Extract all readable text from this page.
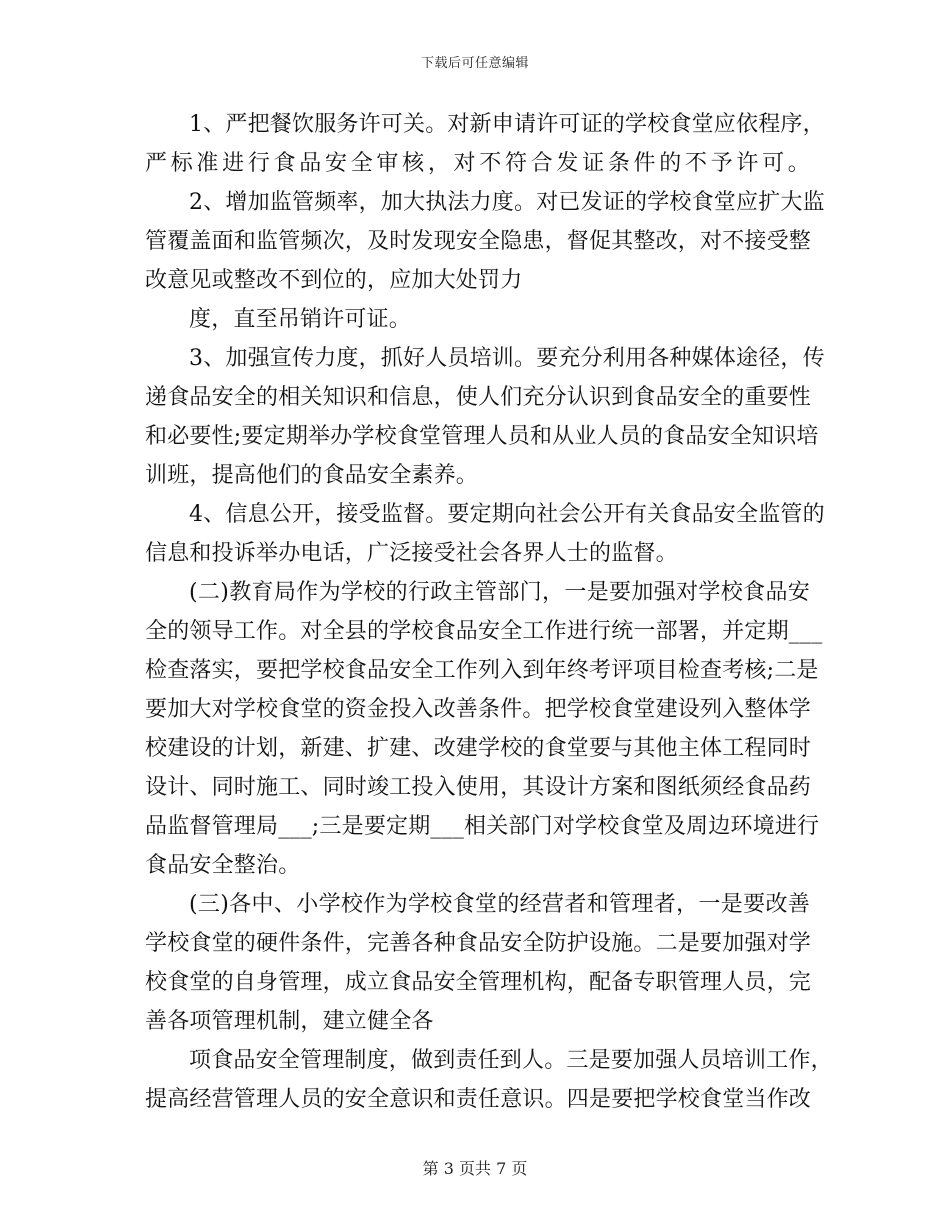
下载后可任意编辑
1、严把餐饮服务许可关。对新申请许可证的学校食堂应依程序，
严标准进行食品安全审核，对不符合发证条件的不予许可。
2、增加监管频率，加大执法力度。对已发证的学校食堂应扩大监
管覆盖面和监管频次，及时发现安全隐患，督促其整改，对不接受整
改意见或整改不到位的，应加大处罚力
度，直至吊销许可证。
3、加强宣传力度，抓好人员培训。要充分利用各种媒体途径，传
递食品安全的相关知识和信息，使人们充分认识到食品安全的重要性
和必要性;要定期举办学校食堂管理人员和从业人员的食品安全知识培
训班，提高他们的食品安全素养。
4、信息公开，接受监督。要定期向社会公开有关食品安全监管的
信息和投诉举办电话，广泛接受社会各界人士的监督。
(二)教育局作为学校的行政主管部门，一是要加强对学校食品安
全的领导工作。对全县的学校食品安全工作进行统一部署，并定期___
检查落实，要把学校食品安全工作列入到年终考评项目检查考核;二是
要加大对学校食堂的资金投入改善条件。把学校食堂建设列入整体学
校建设的计划，新建、扩建、改建学校的食堂要与其他主体工程同时
设计、同时施工、同时竣工投入使用，其设计方案和图纸须经食品药
品监督管理局___;三是要定期___相关部门对学校食堂及周边环境进行
食品安全整治。
(三)各中、小学校作为学校食堂的经营者和管理者，一是要改善
学校食堂的硬件条件，完善各种食品安全防护设施。二是要加强对学
校食堂的自身管理，成立食品安全管理机构，配备专职管理人员，完
善各项管理机制，建立健全各
项食品安全管理制度，做到责任到人。三是要加强人员培训工作，
提高经营管理人员的安全意识和责任意识。四是要把学校食堂当作改
第 3 页共 7 页
